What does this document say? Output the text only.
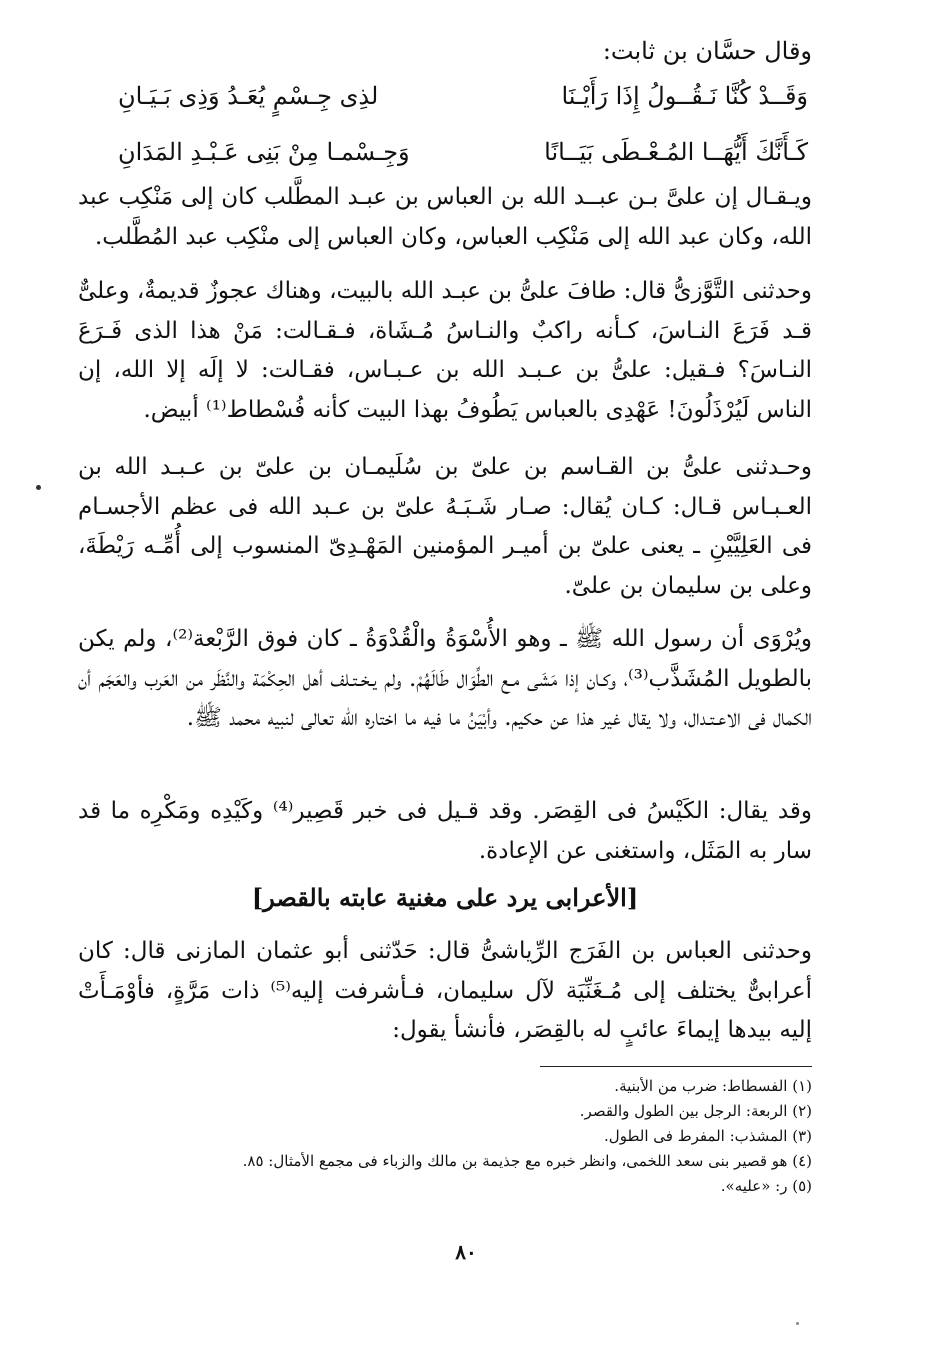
وقال حسَّان بن ثابت:
وَقَــدْ كُنَّا نَـقُــولُ إِذَا رَأَيْـنَا
لذِى جِـسْمٍ يُعَـدُ وَذِى بَـيَـانِ
كَـأَنَّكَ أَيُّهَــا المُـعْـطَى بَيَــانًا
وَجِـسْمـا مِنْ بَنِى عَـبْـدِ المَدَانِ

ويـقـال إن علىَّ بـن عبــد الله بن العباس بن عبـد المطَّلب كان إلى مَنْكِب عبد الله، وكان عبد الله إلى مَنْكِب العباس، وكان العباس إلى منْكِب عبد المُطَّلب.

وحدثنى التَّوَّزىُّ قال: طافَ علىُّ بن عبـد الله بالبيت، وهناك عجوزٌ قديمةٌ، وعلىٌّ قـد فَرَعَ النـاسَ، كـأنه راكبٌ والنـاسُ مُـشَاة، فـقـالت: مَنْ هذا الذى فَـرَعَ النـاسَ؟ فـقيل: علىُّ بن عـبـد الله بن عـبـاس، فقـالت: لا إلَه إلا الله، إن الناس لَيُرْذَلُونَ! عَهْدِى بالعباس يَطُوفُ بهذا البيت كأنه فُسْطاط⁽¹⁾ أبيض.

وحـدثنى علىُّ بن القـاسم بن علىّ بن سُلَيمـان بن علىّ بن عـبـد الله بن العـبـاس قـال: كـان يُقال: صـار شَـبَـهُ علىّ بن عـبد الله فى عظم الأجسـام فى العَلِيَّيْنِ ـ يعنى علىّ بن أميـر المؤمنين المَهْـدِىّ المنسوب إلى أُمِّـه رَيْطَةَ، وعلى بن سليمان بن علىّ.

ويُرْوَى أن رسول الله ﷺ ـ وهو الأُسْوَةُ والْقُدْوَةُ ـ كان فوق الرَّبْعة⁽²⁾، ولم يكن بالطويل المُشَذَّب⁽³⁾، وكـان إذا مَشَى مـع الطِّوَال طَالَهُمْ. ولم يـخـتـلف أهل الحِكْمَة والنَّظَر من العَرب والعَجَم أن الكمال فى الاعـتـدال، ولا يقال غير هذا عن حكيم. وأبْيَنُ ما فيه ما اختاره الله تعالى لنبيه محمد ﷺ.

وقد يقال: الكَيْسُ فى القِصَر. وقد قـيل فى خبر قَصِير⁽⁴⁾ وكَيْدِه ومَكْرِه ما قد سار به المَثَل، واستغنى عن الإعادة.

[الأعرابى يرد على مغنية عابته بالقصر]

وحدثنى العباس بن الفَرَج الرِّياشىُّ قال: حَدّثنى أبو عثمان المازنى قال: كان أعرابىٌّ يختلف إلى مُـغَنِّيَة لآل سليمان، فـأشرفت إليه⁽⁵⁾ ذات مَرَّةٍ، فأوْمَـأَتْ إليه بيدها إيماءَ عائبٍ له بالقِصَر، فأنشأ يقول:

(١) الفسطاط: ضرب من الأبنية.
(٢) الربعة: الرجل بين الطول والقصر.
(٣) المشذب: المفرط فى الطول.
(٤) هو قصير بنى سعد اللخمى، وانظر خبره مع جذيمة بن مالك والزباء فى مجمع الأمثال: ٨٥.
(٥) ر: «عليه».
٨٠
